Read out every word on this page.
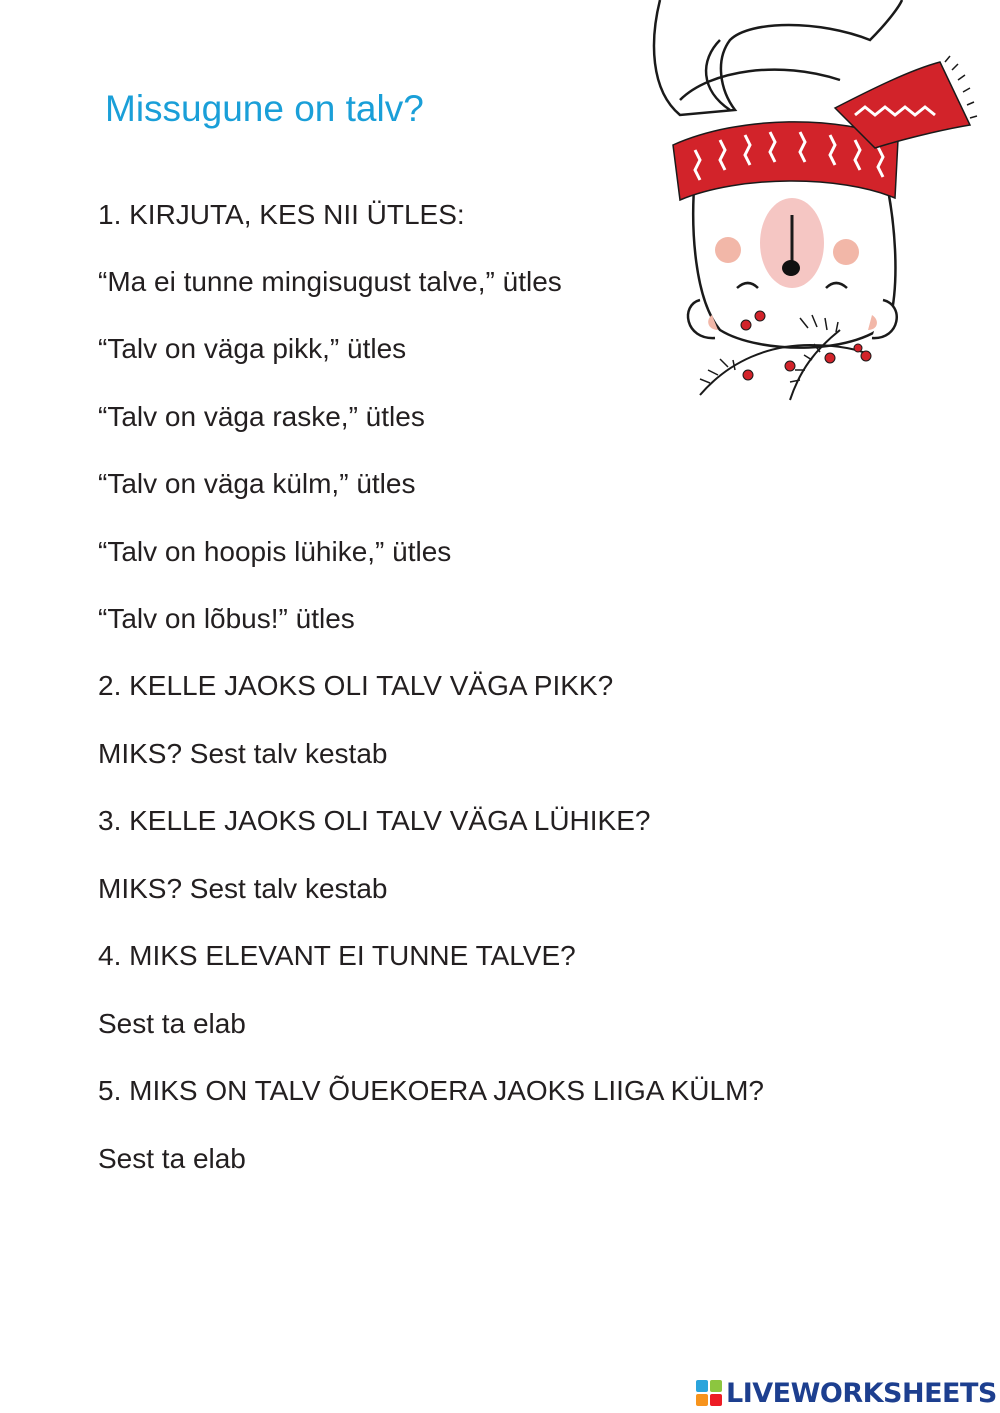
Missugune on talv?

1. KIRJUTA, KES NII ÜTLES:

“Ma ei tunne mingisugust talve,” ütles

“Talv on väga pikk,” ütles

“Talv on väga raske,” ütles

“Talv on väga külm,” ütles

“Talv on hoopis lühike,” ütles

“Talv on lõbus!” ütles

2. KELLE JAOKS OLI TALV VÄGA PIKK?

MIKS? Sest talv kestab

3. KELLE JAOKS OLI TALV VÄGA LÜHIKE?

MIKS? Sest talv kestab

4. MIKS ELEVANT EI TUNNE TALVE?

Sest ta elab

5. MIKS ON TALV ÕUEKOERA JAOKS LIIGA KÜLM?

Sest ta elab

LIVEWORKSHEETS
